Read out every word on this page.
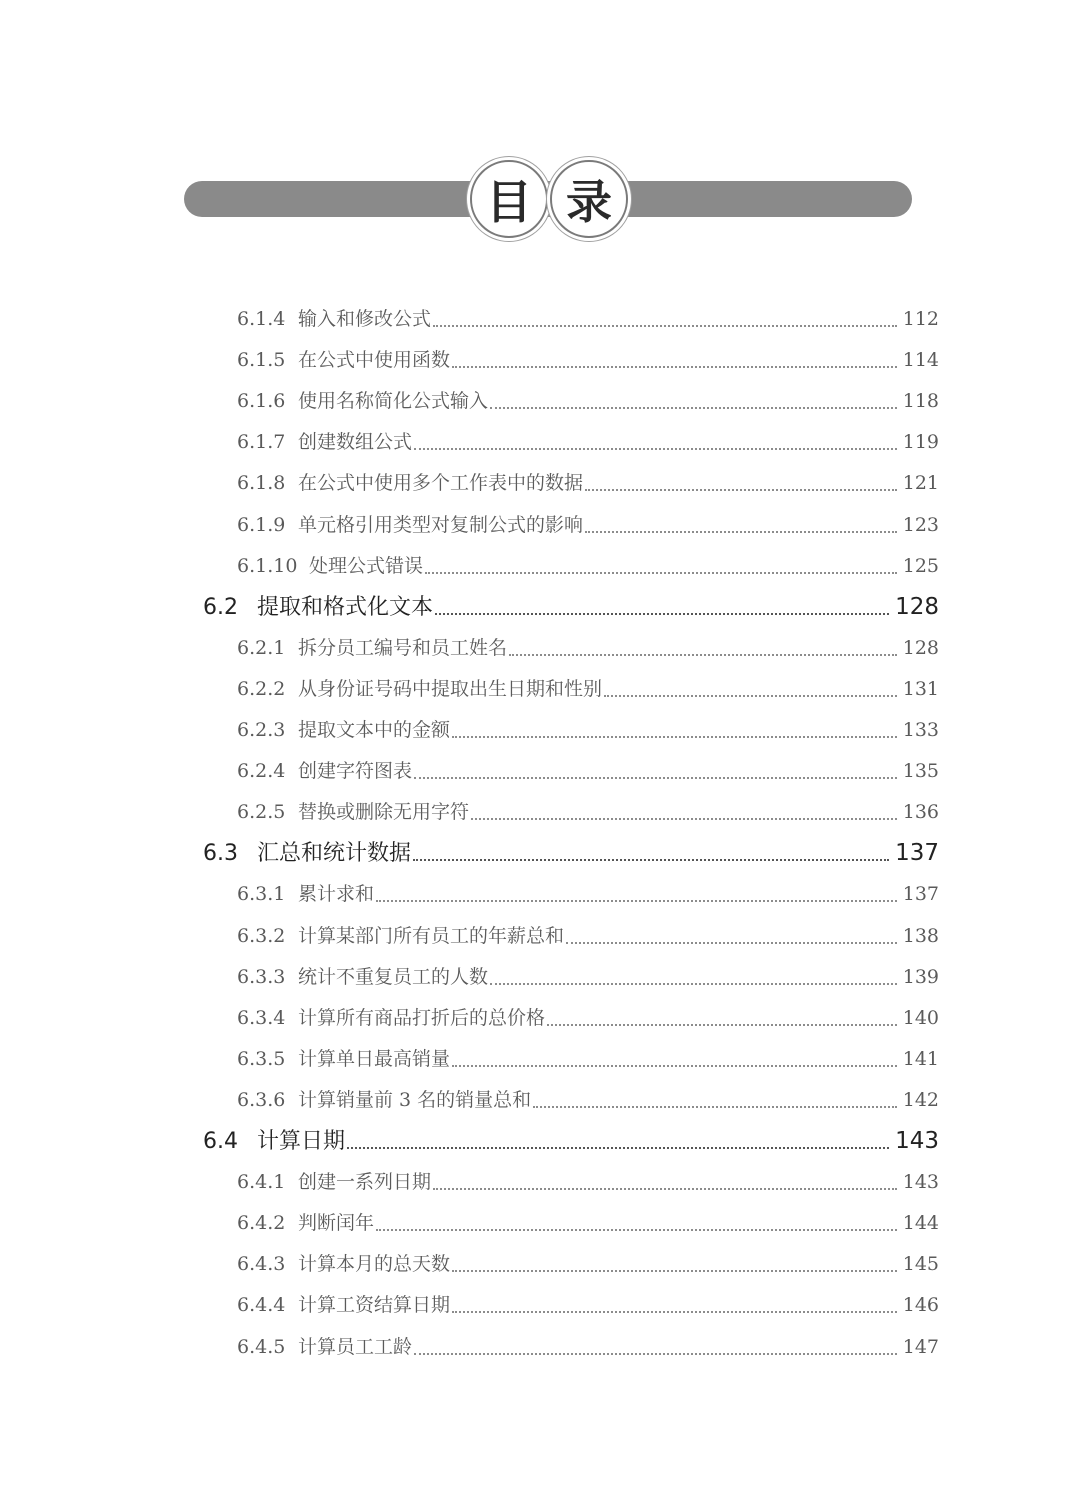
目 录
6.1.4 输入和修改公式	112
6.1.5 在公式中使用函数	114
6.1.6 使用名称简化公式输入	118
6.1.7 创建数组公式	119
6.1.8 在公式中使用多个工作表中的数据	121
6.1.9 单元格引用类型对复制公式的影响	123
6.1.10 处理公式错误	125
6.2 提取和格式化文本	128
6.2.1 拆分员工编号和员工姓名	128
6.2.2 从身份证号码中提取出生日期和性别	131
6.2.3 提取文本中的金额	133
6.2.4 创建字符图表	135
6.2.5 替换或删除无用字符	136
6.3 汇总和统计数据	137
6.3.1 累计求和	137
6.3.2 计算某部门所有员工的年薪总和	138
6.3.3 统计不重复员工的人数	139
6.3.4 计算所有商品打折后的总价格	140
6.3.5 计算单日最高销量	141
6.3.6 计算销量前 3 名的销量总和	142
6.4 计算日期	143
6.4.1 创建一系列日期	143
6.4.2 判断闰年	144
6.4.3 计算本月的总天数	145
6.4.4 计算工资结算日期	146
6.4.5 计算员工工龄	147
